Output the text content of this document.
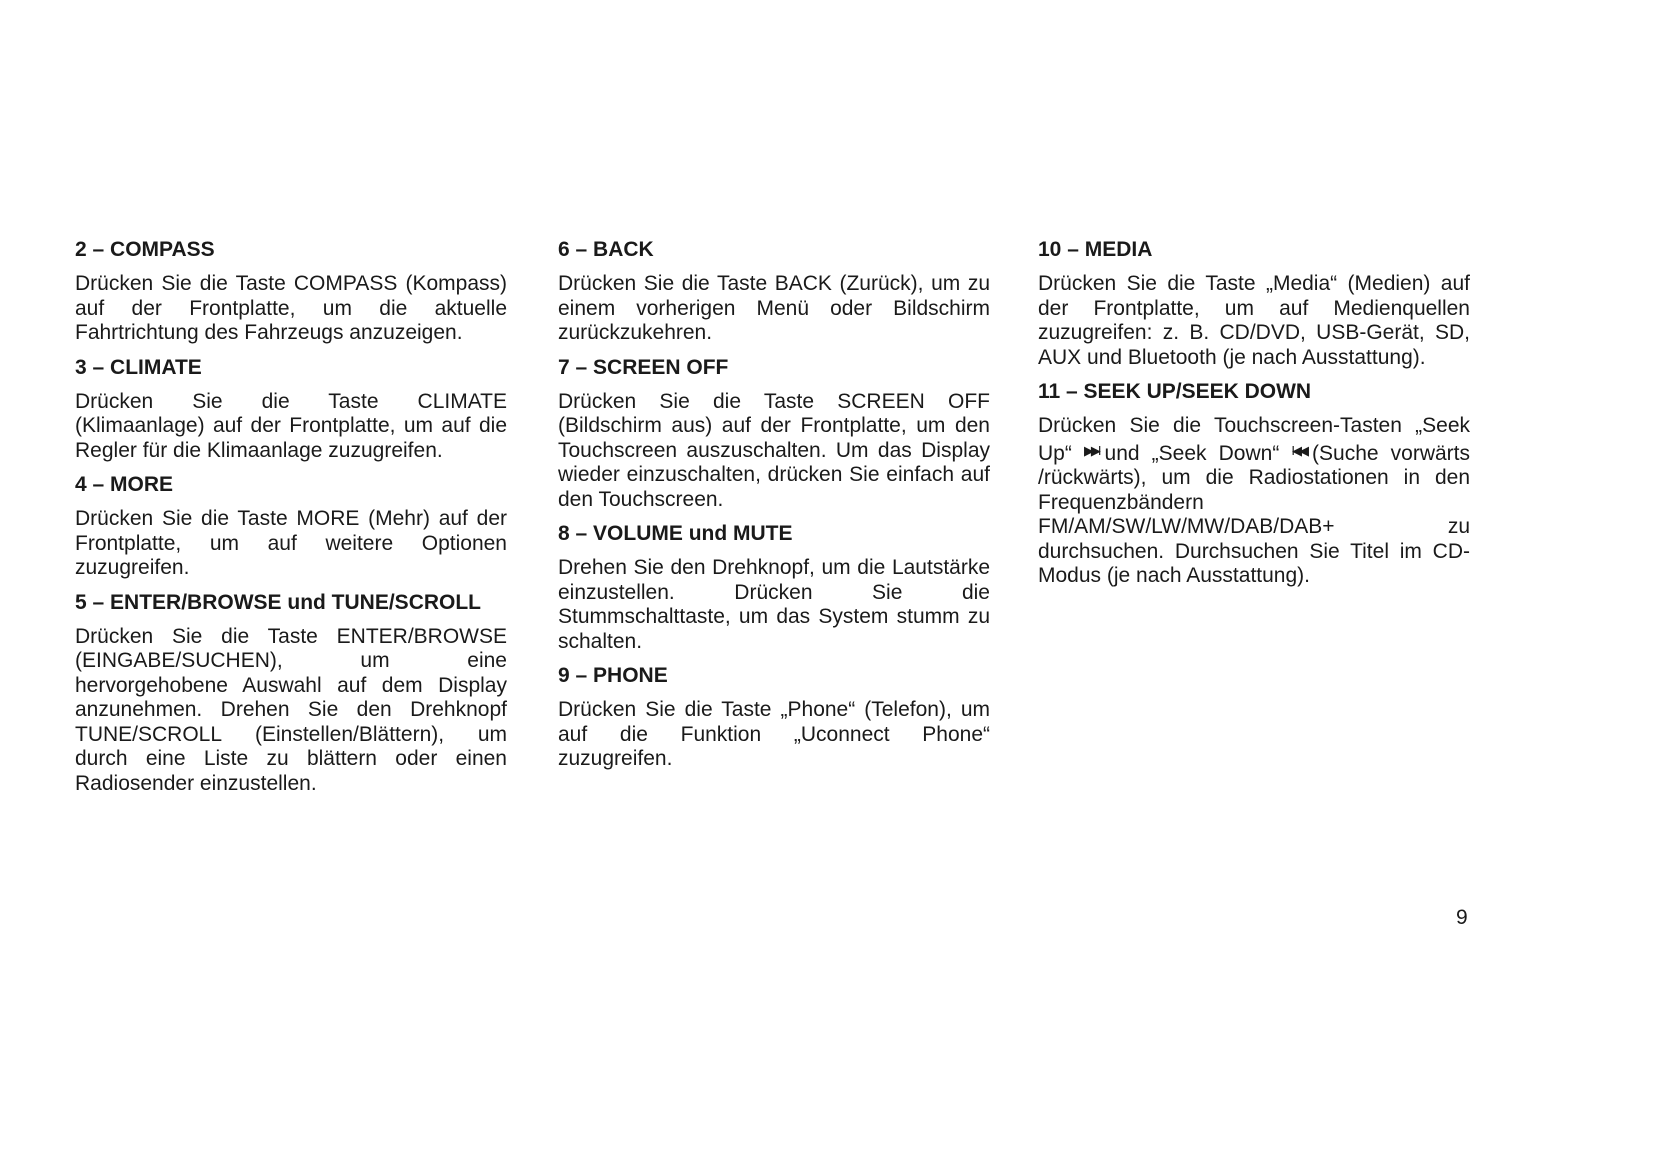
2 – COMPASS
Drücken Sie die Taste COMPASS (Kompass) auf der Frontplatte, um die aktuelle Fahrtrichtung des Fahrzeugs anzuzeigen.
3 – CLIMATE
Drücken Sie die Taste CLIMATE (Klimaanlage) auf der Frontplatte, um auf die Regler für die Klimaanlage zuzugreifen.
4 – MORE
Drücken Sie die Taste MORE (Mehr) auf der Frontplatte, um auf weitere Optionen zuzugreifen.
5 – ENTER/BROWSE und TUNE/SCROLL
Drücken Sie die Taste ENTER/BROWSE (EINGABE/SUCHEN), um eine hervorgehobene Auswahl auf dem Display anzunehmen. Drehen Sie den Drehknopf TUNE/SCROLL (Einstellen/Blättern), um durch eine Liste zu blättern oder einen Radiosender einzustellen.
6 – BACK
Drücken Sie die Taste BACK (Zurück), um zu einem vorherigen Menü oder Bildschirm zurückzukehren.
7 – SCREEN OFF
Drücken Sie die Taste SCREEN OFF (Bildschirm aus) auf der Frontplatte, um den Touchscreen auszuschalten. Um das Display wieder einzuschalten, drücken Sie einfach auf den Touchscreen.
8 – VOLUME und MUTE
Drehen Sie den Drehknopf, um die Lautstärke einzustellen. Drücken Sie die Stummschalttaste, um das System stumm zu schalten.
9 – PHONE
Drücken Sie die Taste „Phone“ (Telefon), um auf die Funktion „Uconnect Phone“ zuzugreifen.
10 – MEDIA
Drücken Sie die Taste „Media“ (Medien) auf der Frontplatte, um auf Medienquellen zuzugreifen: z. B. CD/DVD, USB-Gerät, SD, AUX und Bluetooth (je nach Ausstattung).
11 – SEEK UP/SEEK DOWN
Drücken Sie die Touchscreen-Tasten „Seek Up“ ▶▶I und „Seek Down“ I◀◀ (Suche vorwärts /rückwärts), um die Radiostationen in den Frequenzbändern FM/AM/SW/LW/MW/DAB/DAB+ zu durchsuchen. Durchsuchen Sie Titel im CD-Modus (je nach Ausstattung).
9
